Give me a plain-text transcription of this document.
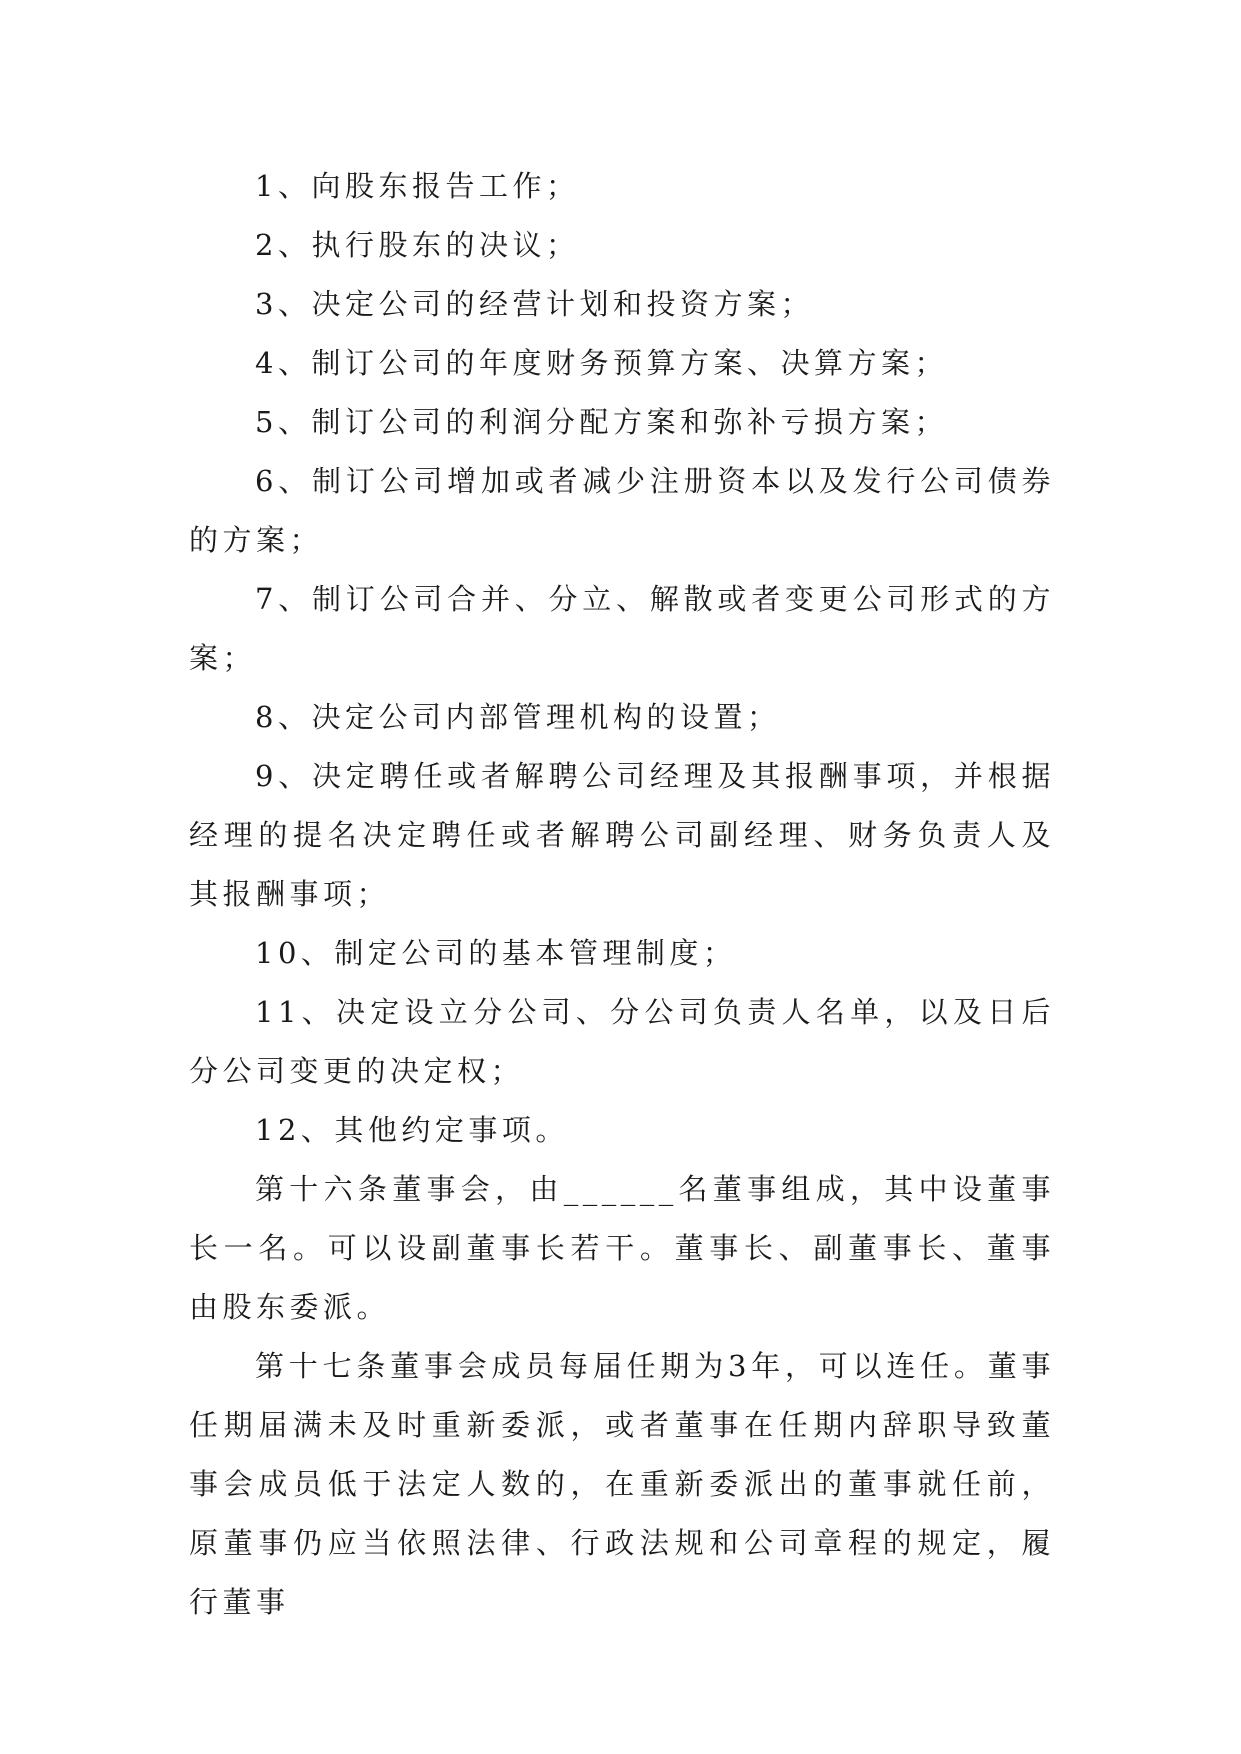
1、向股东报告工作；

2、执行股东的决议；

3、决定公司的经营计划和投资方案；

4、制订公司的年度财务预算方案、决算方案；

5、制订公司的利润分配方案和弥补亏损方案；

6、制订公司增加或者减少注册资本以及发行公司债券的方案；

7、制订公司合并、分立、解散或者变更公司形式的方案；

8、决定公司内部管理机构的设置；

9、决定聘任或者解聘公司经理及其报酬事项，并根据经理的提名决定聘任或者解聘公司副经理、财务负责人及其报酬事项；

10、制定公司的基本管理制度；

11、决定设立分公司、分公司负责人名单，以及日后分公司变更的决定权；

12、其他约定事项。

第十六条董事会，由______名董事组成，其中设董事长一名。可以设副董事长若干。董事长、副董事长、董事由股东委派。

第十七条董事会成员每届任期为3年，可以连任。董事任期届满未及时重新委派，或者董事在任期内辞职导致董事会成员低于法定人数的，在重新委派出的董事就任前，原董事仍应当依照法律、行政法规和公司章程的规定，履行董事
